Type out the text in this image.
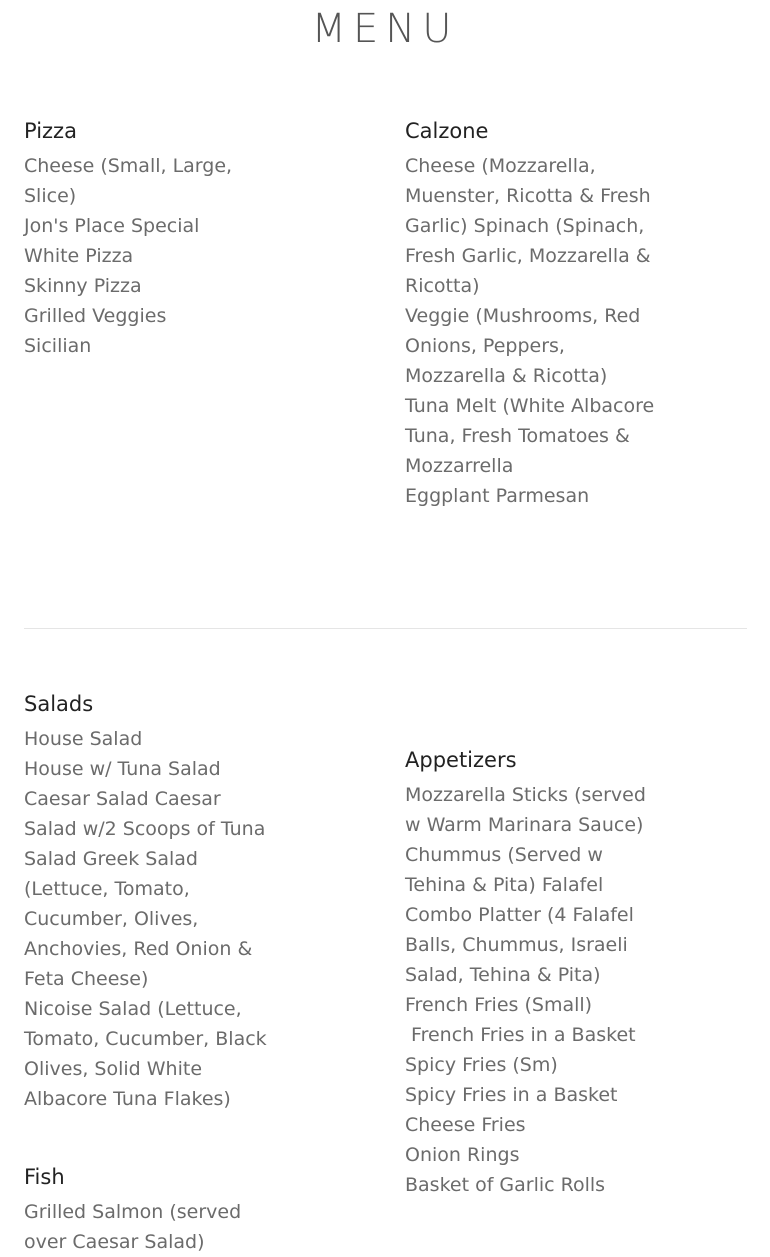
MENU
Pizza
Cheese (Small, Large, Slice)
Jon's Place Special
White Pizza
Skinny Pizza
Grilled Veggies
Sicilian
Calzone
Cheese (Mozzarella, Muenster, Ricotta & Fresh Garlic) Spinach (Spinach, Fresh Garlic, Mozzarella & Ricotta)
Veggie (Mushrooms, Red Onions, Peppers, Mozzarella & Ricotta)
Tuna Melt (White Albacore Tuna, Fresh Tomatoes & Mozzarrella
Eggplant Parmesan
Salads
House Salad
House w/ Tuna Salad
Caesar Salad Caesar Salad w/2 Scoops of Tuna Salad Greek Salad (Lettuce, Tomato, Cucumber, Olives, Anchovies, Red Onion & Feta Cheese)
Nicoise Salad (Lettuce, Tomato, Cucumber, Black Olives, Solid White Albacore Tuna Flakes)
Appetizers
Mozzarella Sticks (served w Warm Marinara Sauce)
Chummus (Served w Tehina & Pita) Falafel Combo Platter (4 Falafel Balls, Chummus, Israeli Salad, Tehina & Pita) French Fries (Small)
French Fries in a Basket
Spicy Fries (Sm)
Spicy Fries in a Basket
Cheese Fries
Onion Rings
Basket of Garlic Rolls
Fish
Grilled Salmon (served over Caesar Salad)
